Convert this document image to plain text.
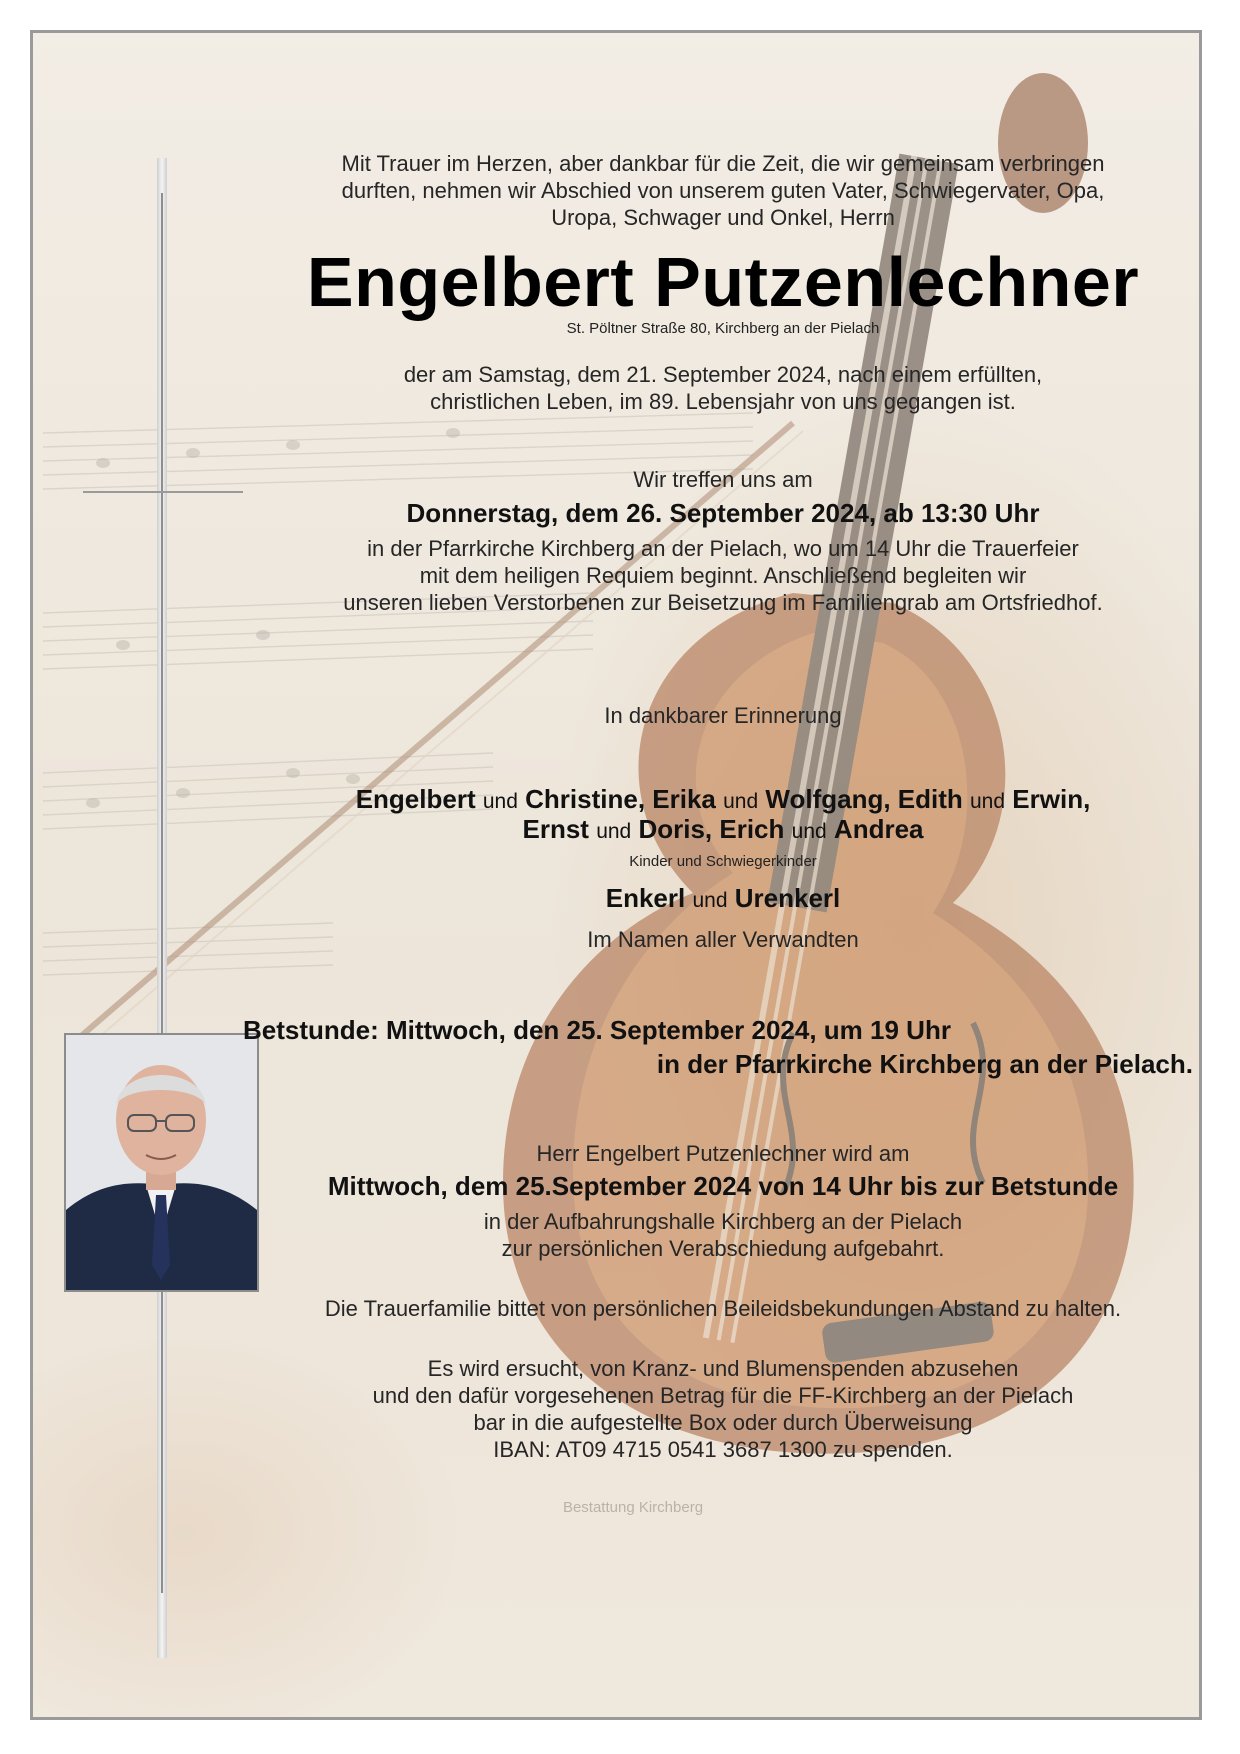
Mit Trauer im Herzen, aber dankbar für die Zeit, die wir gemeinsam verbringen
durften, nehmen wir Abschied von unserem guten Vater, Schwiegervater, Opa,
Uropa, Schwager und Onkel, Herrn
Engelbert Putzenlechner
St. Pöltner Straße 80, Kirchberg an der Pielach
der am Samstag, dem 21. September 2024, nach einem erfüllten,
christlichen Leben, im 89. Lebensjahr von uns gegangen ist.
Wir treffen uns am
Donnerstag, dem 26. September 2024, ab 13:30 Uhr
in der Pfarrkirche Kirchberg an der Pielach, wo um 14 Uhr die Trauerfeier
mit dem heiligen Requiem beginnt. Anschließend begleiten wir
unseren lieben Verstorbenen zur Beisetzung im Familiengrab am Ortsfriedhof.
In dankbarer Erinnerung
Engelbert und Christine, Erika und Wolfgang, Edith und Erwin,
Ernst und Doris, Erich und Andrea
Kinder und Schwiegerkinder
Enkerl und Urenkerl
Im Namen aller Verwandten
Betstunde: Mittwoch, den 25. September 2024, um 19 Uhr
in der Pfarrkirche Kirchberg an der Pielach.
Herr Engelbert Putzenlechner wird am
Mittwoch, dem 25.September 2024 von 14 Uhr bis zur Betstunde
in der Aufbahrungshalle Kirchberg an der Pielach
zur persönlichen Verabschiedung aufgebahrt.
Die Trauerfamilie bittet von persönlichen Beileidsbekundungen Abstand zu halten.
Es wird ersucht, von Kranz- und Blumenspenden abzusehen
und den dafür vorgesehenen Betrag für die FF-Kirchberg an der Pielach
bar in die aufgestellte Box oder durch Überweisung
IBAN: AT09 4715 0541 3687 1300 zu spenden.
Bestattung Kirchberg
